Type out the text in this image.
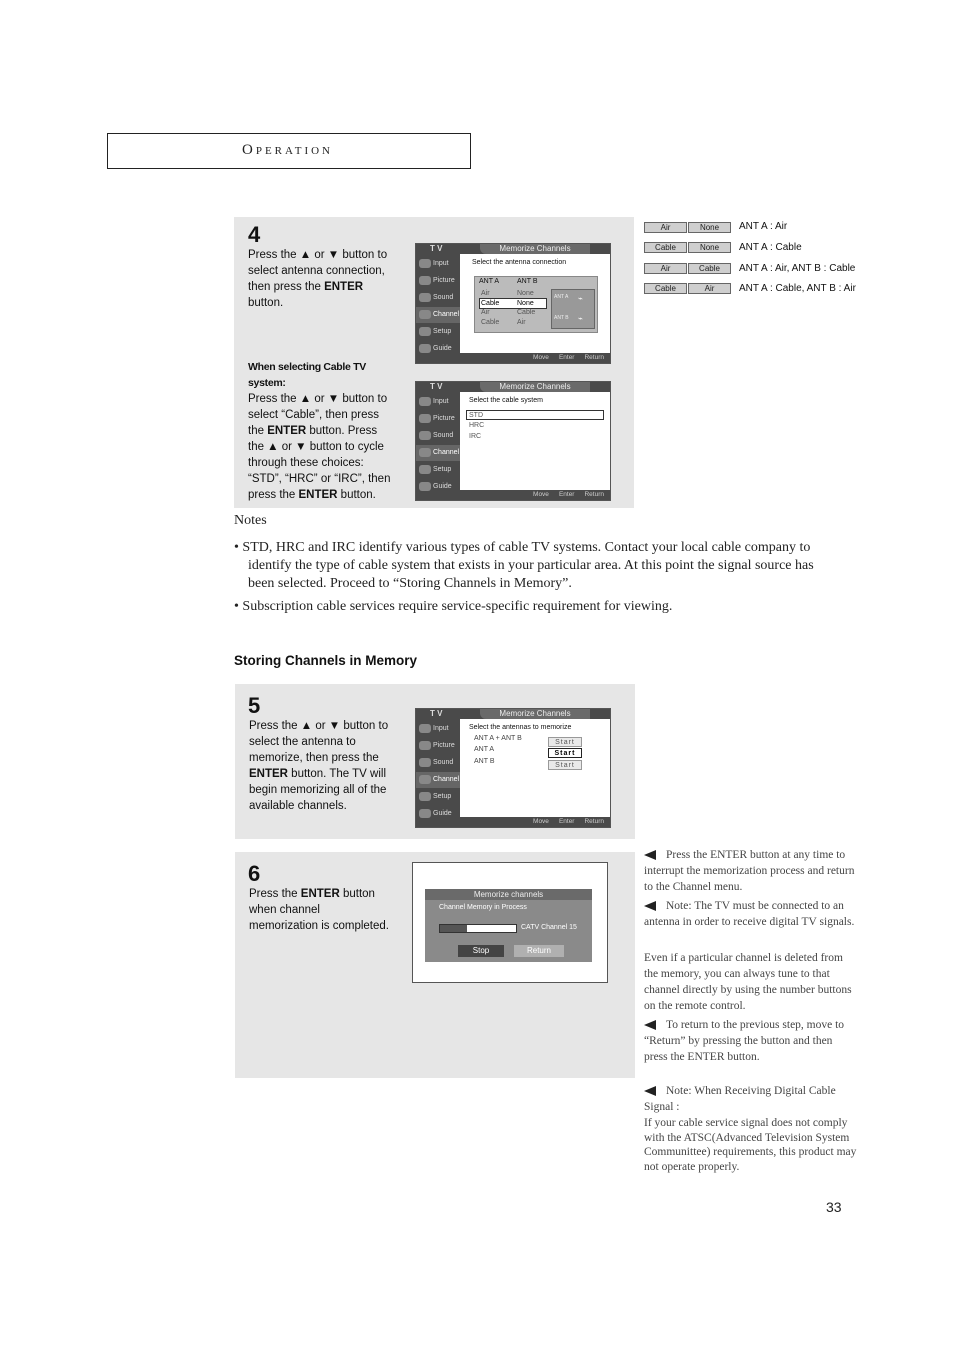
Operation
4
Press the ▲ or ▼ button to select antenna connection, then press the ENTER button.
When selecting Cable TV system:
Press the ▲ or ▼ button to select “Cable”, then press the ENTER button. Press the ▲ or ▼ button to cycle through these choices: “STD”, “HRC” or “IRC”, then press the ENTER button.
T V
Input
Picture
Sound
Channel
Setup
Guide
Memorize Channels
Select the antenna connection
ANT A	ANT B
Air	None
Cable	None
Air	Cable
Cable	Air
ANT A
ANT B
⌁
⌁
Move Enter Return
T V
Input
Picture
Sound
Channel
Setup
Guide
Memorize Channels
Select the cable system
STD
HRC
IRC
Move Enter Return
Air	None	ANT A : Air
Cable	None	ANT A : Cable
Air	Cable	ANT A : Air, ANT B : Cable
Cable	Air	ANT A : Cable, ANT B : Air
Notes
• STD, HRC and IRC identify various types of cable TV systems. Contact your local cable company to identify the type of cable system that exists in your particular area. At this point the signal source has been selected. Proceed to “Storing Channels in Memory”.
• Subscription cable services require service-specific requirement for viewing.
Storing Channels in Memory
5
Press the ▲ or ▼ button to select the antenna to memorize, then press the ENTER button. The TV will begin memorizing all of the available channels.
T V
Input
Picture
Sound
Channel
Setup
Guide
Memorize Channels
Select the antennas to memorize
ANT A + ANT B
ANT A
ANT B
Start
Start
Start
Move Enter Return
6
Press the ENTER button when channel memorization is completed.
Memorize channels
Channel Memory in Process
CATV Channel 15
Stop	Return
Press the ENTER button at any time to interrupt the memorization process and return to the Channel menu.
Note: The TV must be connected to an antenna in order to receive digital TV signals.
Even if a particular channel is deleted from the memory, you can always tune to that channel directly by using the number buttons on the remote control.
To return to the previous step, move to “Return” by pressing the button and then press the ENTER button.
Note: When Receiving Digital Cable Signal :
If your cable service signal does not comply with the ATSC(Advanced Television System Communittee) requirements, this product may not operate properly.
33
